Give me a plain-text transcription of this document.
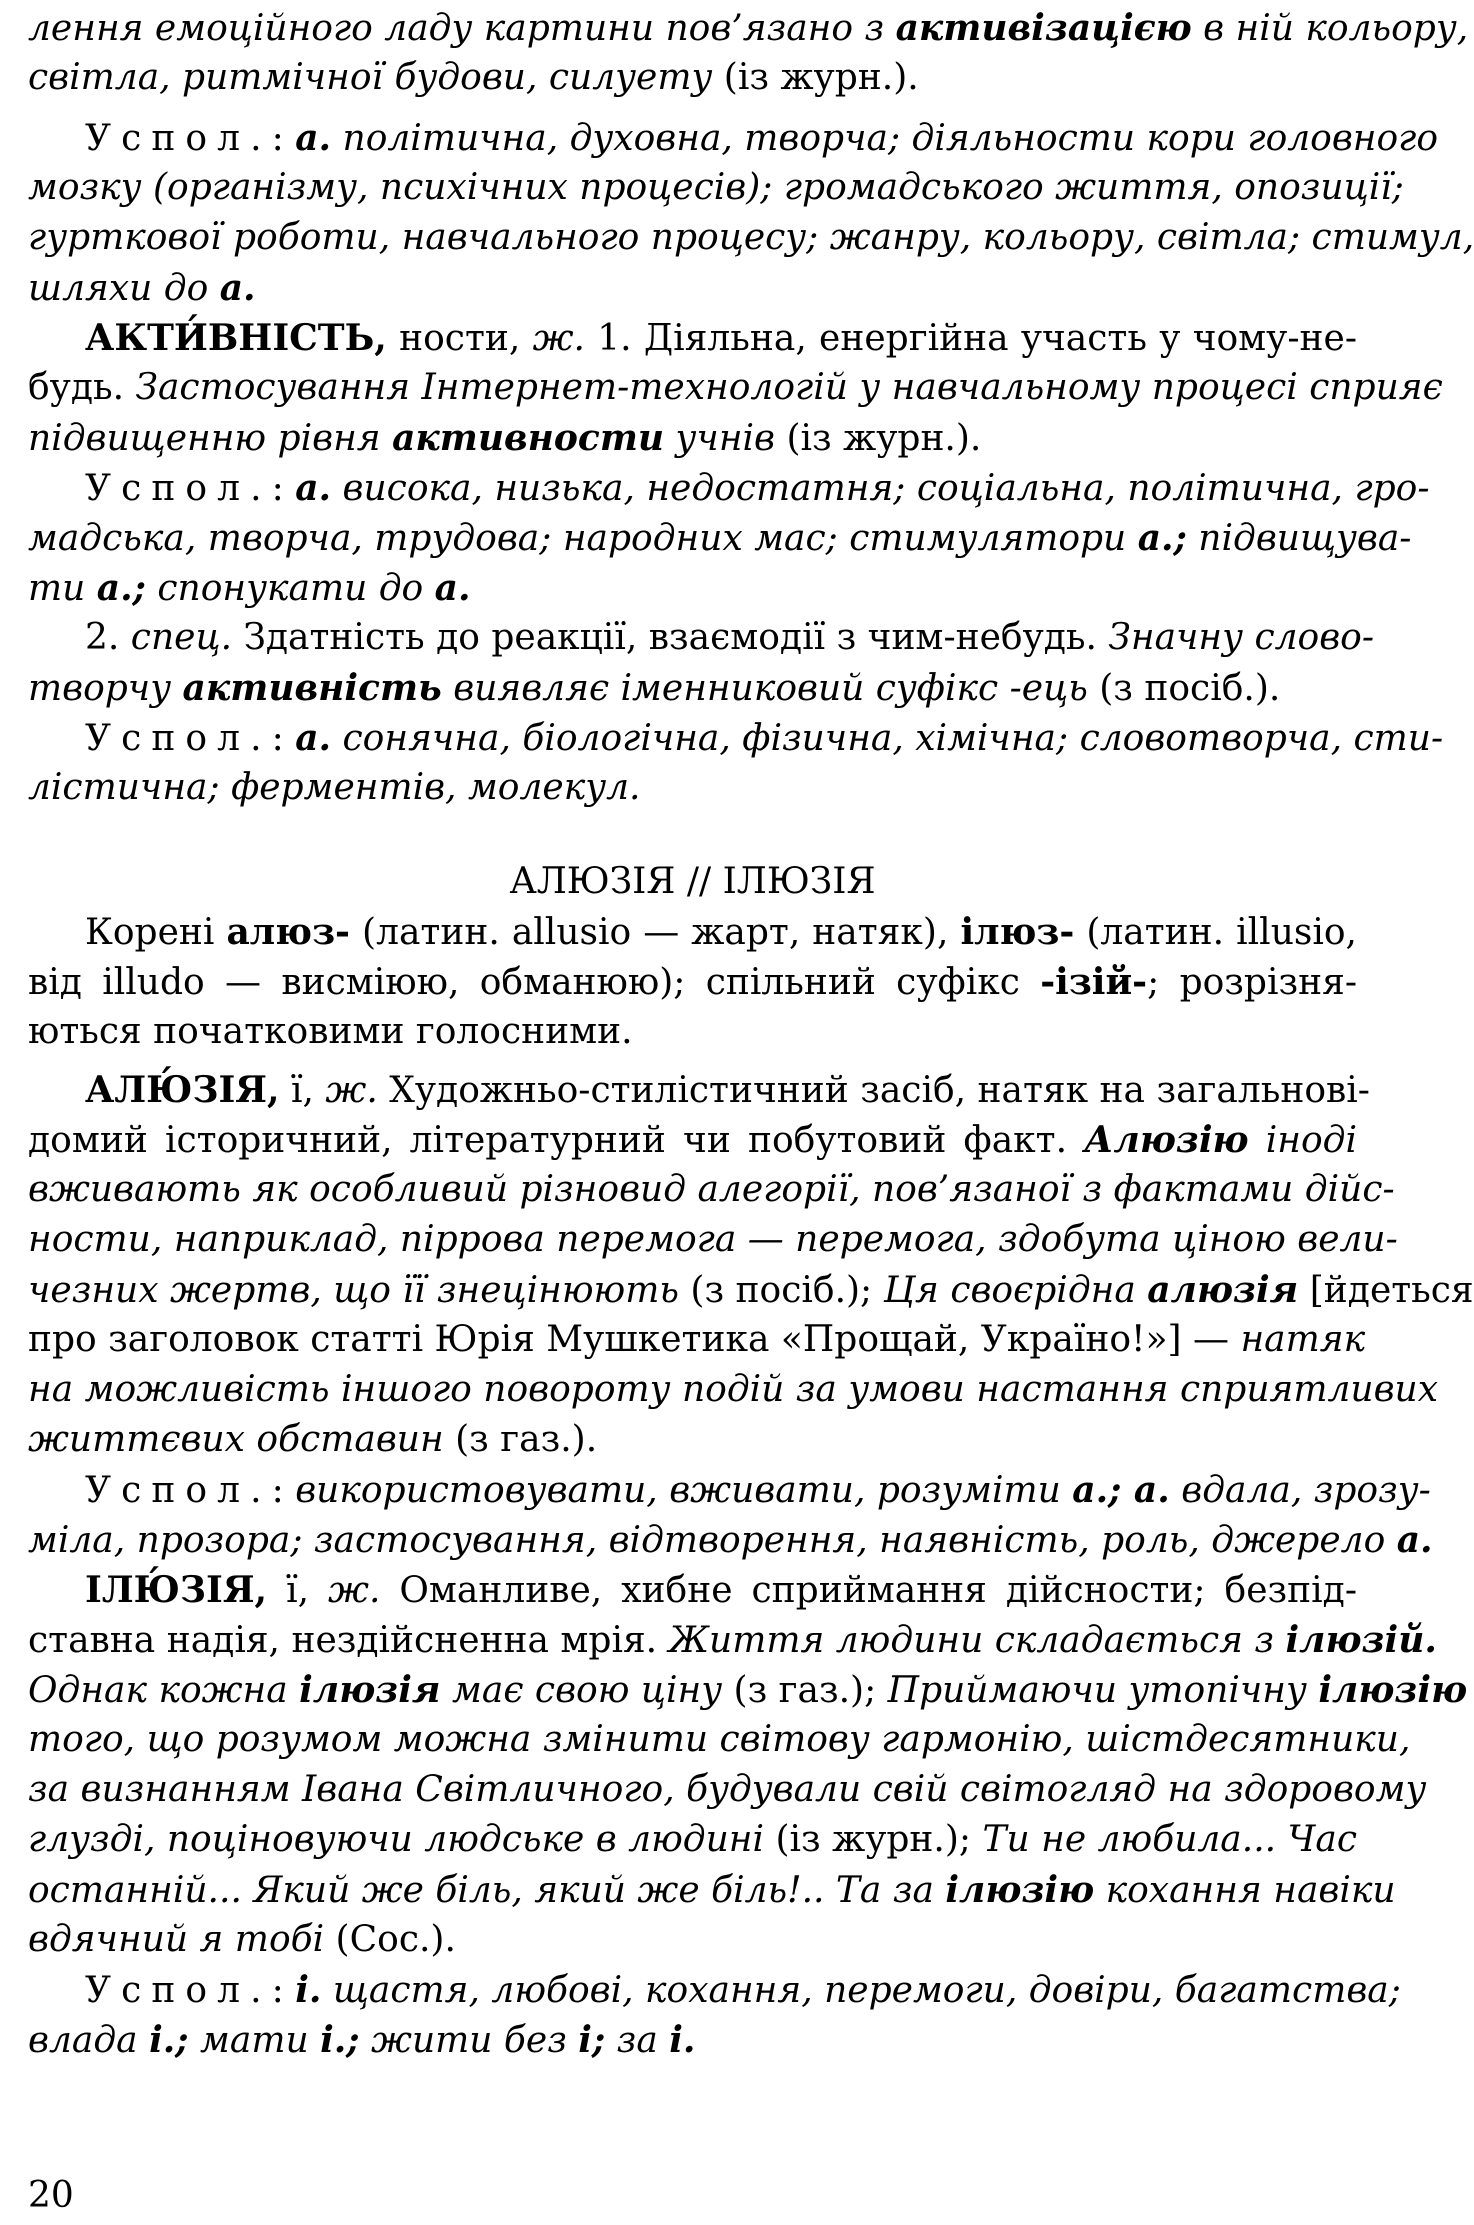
лення емоційного ладу картини пов’язано з активізацією в ній кольору,
світла, ритмічної будови, силуету (із журн.).
Успол.: а. політична, духовна, творча; діяльности кори головного
мозку (організму, психічних процесів); громадського життя, опозиції;
гурткової роботи, навчального процесу; жанру, кольору, світла; стимул,
шляхи до а.
АКТИ́ВНІСТЬ, ности, ж. 1. Діяльна, енергійна участь у чому-не-
будь. Застосування Інтернет-технологій у навчальному процесі сприяє
підвищенню рівня активности учнів (із журн.).
Успол.: а. висока, низька, недостатня; соціальна, політична, гро-
мадська, творча, трудова; народних мас; стимулятори а.; підвищува-
ти а.; спонукати до а.
2. спец. Здатність до реакції, взаємодії з чим-небудь. Значну слово-
творчу активність виявляє іменниковий суфікс -ець (з посіб.).
Успол.: а. сонячна, біологічна, фізична, хімічна; словотворча, сти-
лістична; ферментів, молекул.
АЛЮЗІЯ // ІЛЮЗІЯ
Корені алюз- (латин. allusio — жарт, натяк), ілюз- (латин. illusio,
від illudo — висміюю, обманюю); спільний суфікс -ізій-; розрізня-
ються початковими голосними.
АЛЮ́ЗІЯ, ї, ж. Художньо-стилістичний засіб, натяк на загальнові-
домий історичний, літературний чи побутовий факт. Алюзію іноді
вживають як особливий різновид алегорії, пов’язаної з фактами дійс-
ности, наприклад, піррова перемога — перемога, здобута ціною вели-
чезних жертв, що її знецінюють (з посіб.); Ця своєрідна алюзія [йдеться
про заголовок статті Юрія Мушкетика «Прощай, Україно!»] — натяк
на можливість іншого повороту подій за умови настання сприятливих
життєвих обставин (з газ.).
Успол.: використовувати, вживати, розуміти а.; а. вдала, зрозу-
міла, прозора; застосування, відтворення, наявність, роль, джерело а.
ІЛЮ́ЗІЯ, ї, ж. Оманливе, хибне сприймання дійсности; безпід-
ставна надія, нездійсненна мрія. Життя людини складається з ілюзій.
Однак кожна ілюзія має свою ціну (з газ.); Приймаючи утопічну ілюзію
того, що розумом можна змінити світову гармонію, шістдесятники,
за визнанням Івана Світличного, будували свій світогляд на здоровому
глузді, поціновуючи людське в людині (із журн.); Ти не любила... Час
останній... Який же біль, який же біль!.. Та за ілюзію кохання навіки
вдячний я тобі (Сос.).
Успол.: і. щастя, любові, кохання, перемоги, довіри, багатства;
влада і.; мати і.; жити без і; за і.
20
